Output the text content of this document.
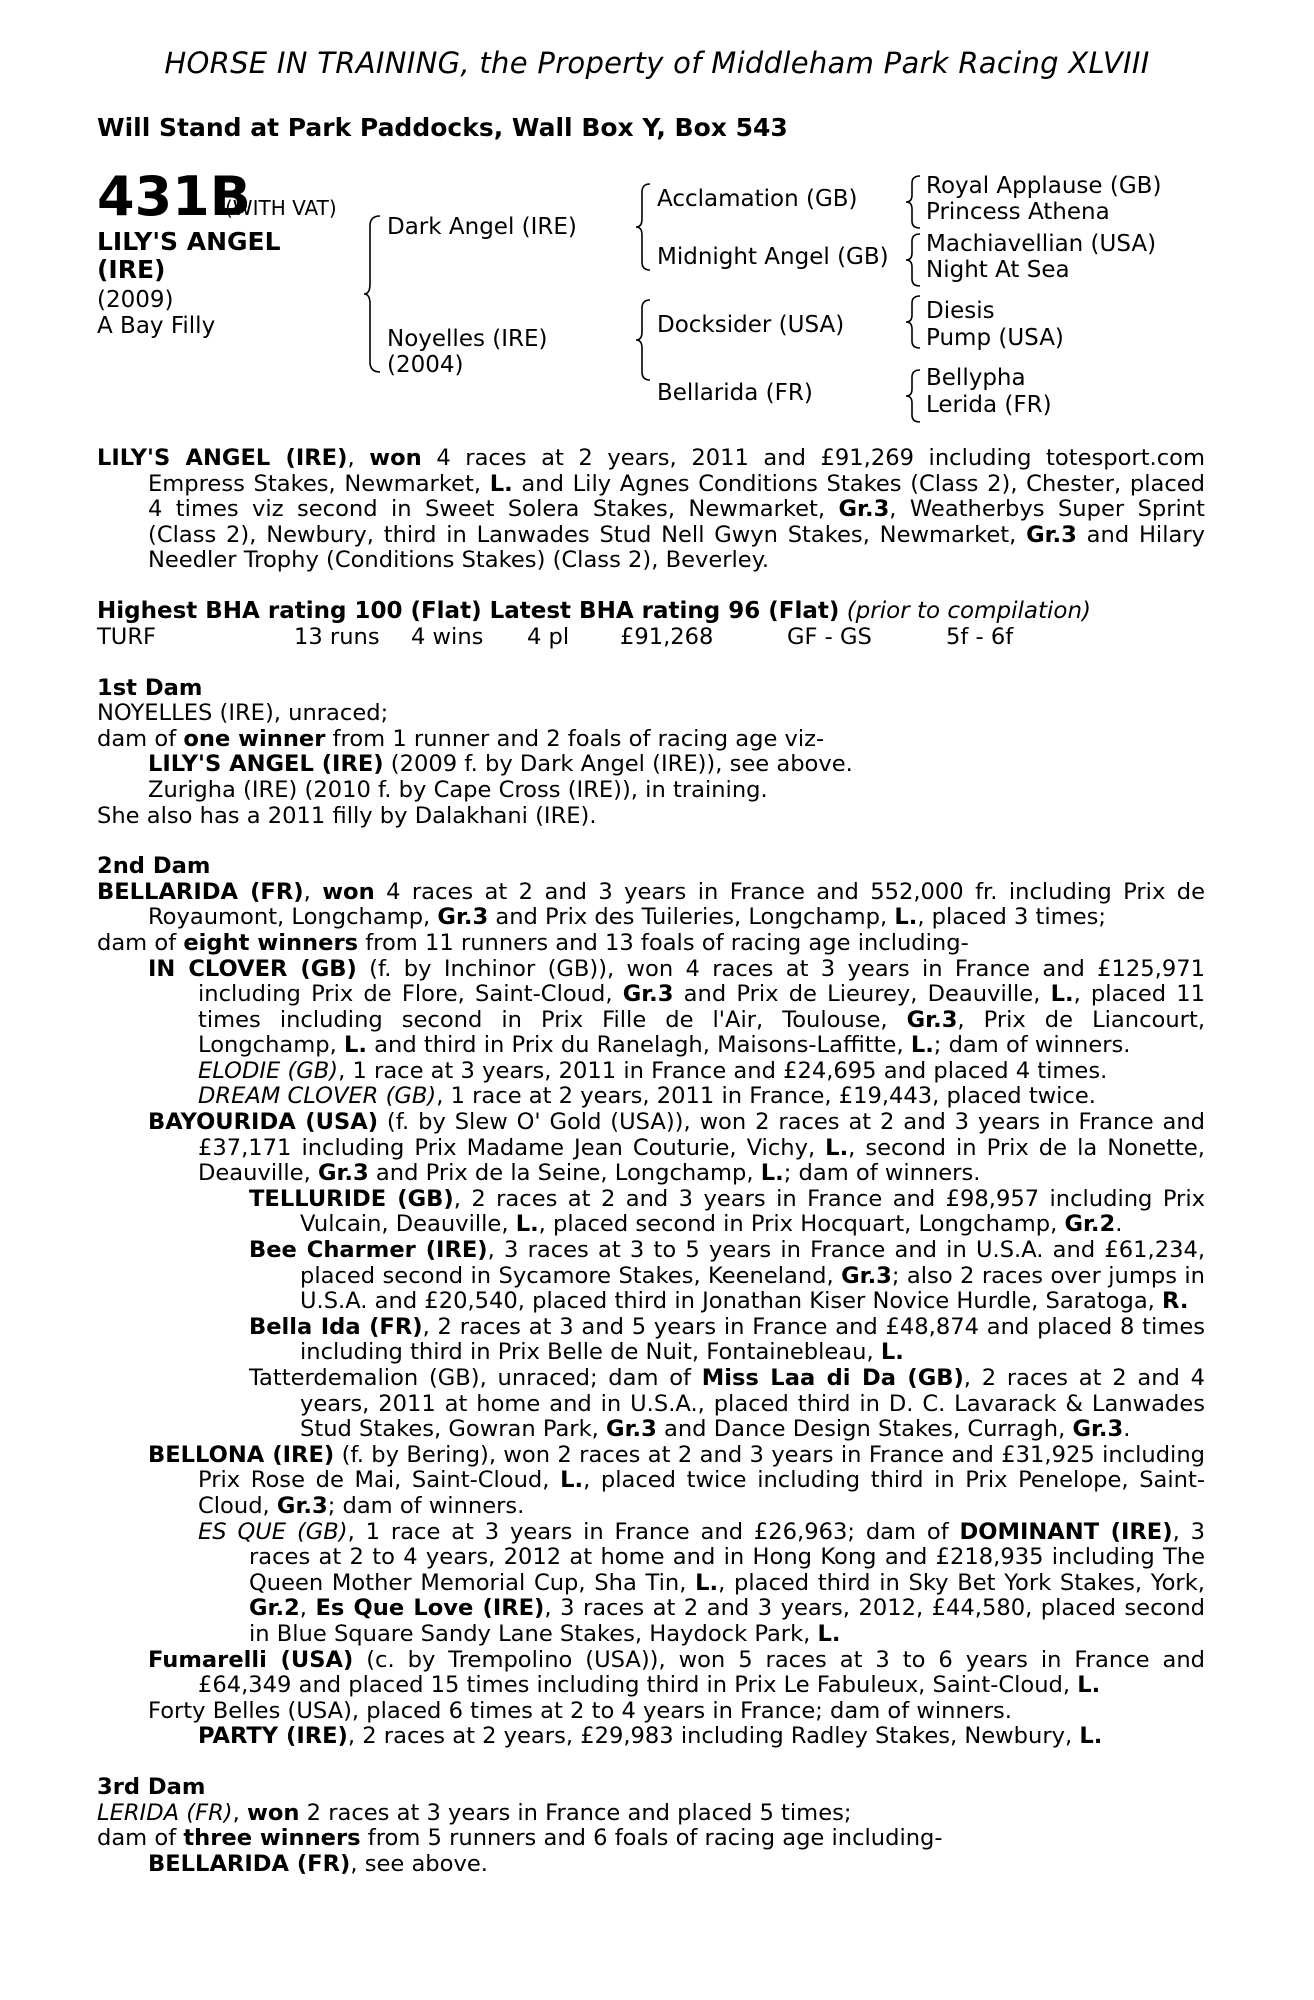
HORSE IN TRAINING, the Property of Middleham Park Racing XLVIII
Will Stand at Park Paddocks, Wall Box Y, Box 543
431B
(WITH VAT)
LILY'S ANGEL
(IRE)
(2009)
A Bay Filly
Dark Angel (IRE)
Noyelles (IRE)
(2004)
Acclamation (GB)
Midnight Angel (GB)
Docksider (USA)
Bellarida (FR)
Royal Applause (GB)
Princess Athena
Machiavellian (USA)
Night At Sea
Diesis
Pump (USA)
Bellypha
Lerida (FR)

LILY'S ANGEL (IRE), won 4 races at 2 years, 2011 and £91,269 including totesport.com Empress Stakes, Newmarket, L. and Lily Agnes Conditions Stakes (Class 2), Chester, placed 4 times viz second in Sweet Solera Stakes, Newmarket, Gr.3, Weatherbys Super Sprint (Class 2), Newbury, third in Lanwades Stud Nell Gwyn Stakes, Newmarket, Gr.3 and Hilary Needler Trophy (Conditions Stakes) (Class 2), Beverley.

Highest BHA rating 100 (Flat) Latest BHA rating 96 (Flat) (prior to compilation)

TURF	13 runs 4 wins 4 pl £91,268	GF - GS	5f - 6f

1st Dam

NOYELLES (IRE), unraced;

dam of one winner from 1 runner and 2 foals of racing age viz-

LILY'S ANGEL (IRE) (2009 f. by Dark Angel (IRE)), see above.

Zurigha (IRE) (2010 f. by Cape Cross (IRE)), in training.

She also has a 2011 filly by Dalakhani (IRE).

2nd Dam

BELLARIDA (FR), won 4 races at 2 and 3 years in France and 552,000 fr. including Prix de Royaumont, Longchamp, Gr.3 and Prix des Tuileries, Longchamp, L., placed 3 times;

dam of eight winners from 11 runners and 13 foals of racing age including-

IN CLOVER (GB) (f. by Inchinor (GB)), won 4 races at 3 years in France and £125,971 including Prix de Flore, Saint-Cloud, Gr.3 and Prix de Lieurey, Deauville, L., placed 11 times including second in Prix Fille de l'Air, Toulouse, Gr.3, Prix de Liancourt, Longchamp, L. and third in Prix du Ranelagh, Maisons-Laffitte, L.; dam of winners.

ELODIE (GB), 1 race at 3 years, 2011 in France and £24,695 and placed 4 times.

DREAM CLOVER (GB), 1 race at 2 years, 2011 in France, £19,443, placed twice.

BAYOURIDA (USA) (f. by Slew O' Gold (USA)), won 2 races at 2 and 3 years in France and £37,171 including Prix Madame Jean Couturie, Vichy, L., second in Prix de la Nonette, Deauville, Gr.3 and Prix de la Seine, Longchamp, L.; dam of winners.

TELLURIDE (GB), 2 races at 2 and 3 years in France and £98,957 including Prix Vulcain, Deauville, L., placed second in Prix Hocquart, Longchamp, Gr.2.

Bee Charmer (IRE), 3 races at 3 to 5 years in France and in U.S.A. and £61,234, placed second in Sycamore Stakes, Keeneland, Gr.3; also 2 races over jumps in U.S.A. and £20,540, placed third in Jonathan Kiser Novice Hurdle, Saratoga, R.

Bella Ida (FR), 2 races at 3 and 5 years in France and £48,874 and placed 8 times including third in Prix Belle de Nuit, Fontainebleau, L.

Tatterdemalion (GB), unraced; dam of Miss Laa di Da (GB), 2 races at 2 and 4 years, 2011 at home and in U.S.A., placed third in D. C. Lavarack & Lanwades Stud Stakes, Gowran Park, Gr.3 and Dance Design Stakes, Curragh, Gr.3.

BELLONA (IRE) (f. by Bering), won 2 races at 2 and 3 years in France and £31,925 including Prix Rose de Mai, Saint-Cloud, L., placed twice including third in Prix Penelope, Saint-Cloud, Gr.3; dam of winners.

ES QUE (GB), 1 race at 3 years in France and £26,963; dam of DOMINANT (IRE), 3 races at 2 to 4 years, 2012 at home and in Hong Kong and £218,935 including The Queen Mother Memorial Cup, Sha Tin, L., placed third in Sky Bet York Stakes, York, Gr.2, Es Que Love (IRE), 3 races at 2 and 3 years, 2012, £44,580, placed second in Blue Square Sandy Lane Stakes, Haydock Park, L.

Fumarelli (USA) (c. by Trempolino (USA)), won 5 races at 3 to 6 years in France and £64,349 and placed 15 times including third in Prix Le Fabuleux, Saint-Cloud, L.

Forty Belles (USA), placed 6 times at 2 to 4 years in France; dam of winners.

PARTY (IRE), 2 races at 2 years, £29,983 including Radley Stakes, Newbury, L.

3rd Dam

LERIDA (FR), won 2 races at 3 years in France and placed 5 times;

dam of three winners from 5 runners and 6 foals of racing age including-

BELLARIDA (FR), see above.
